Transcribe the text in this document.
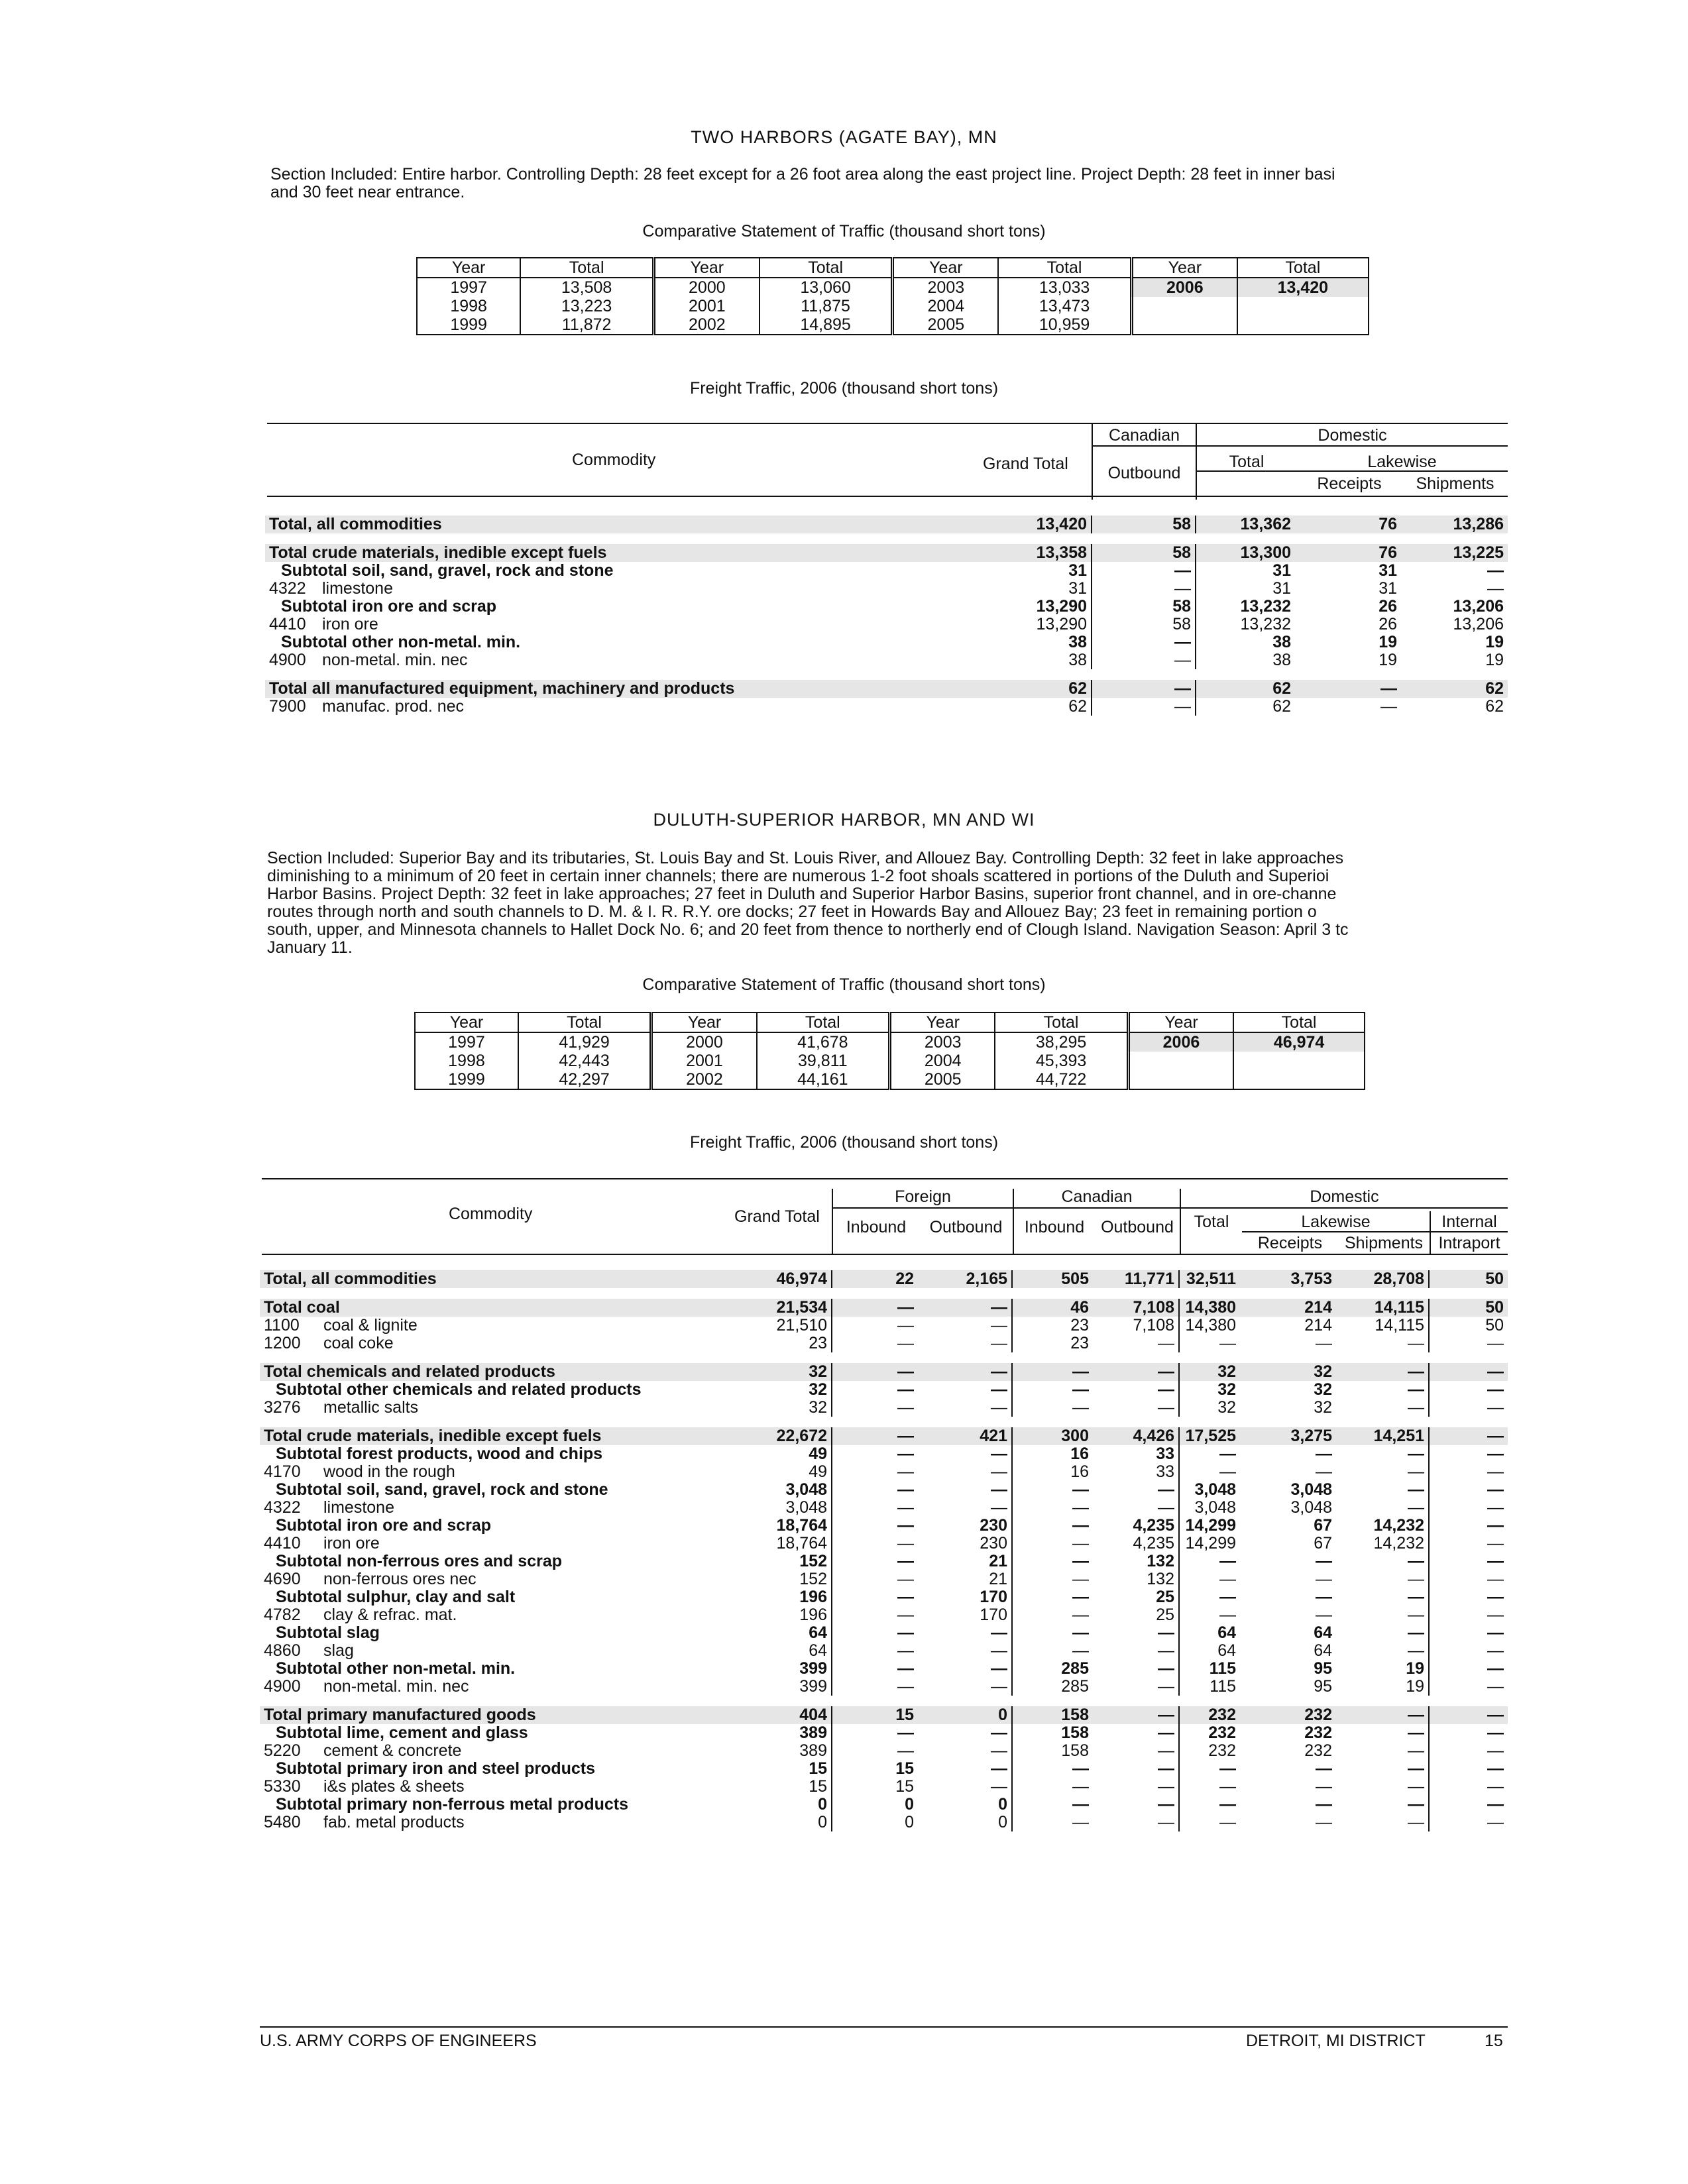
TWO HARBORS (AGATE BAY), MN
Section Included: Entire harbor. Controlling Depth: 28 feet except for a 26 foot area along the east project line. Project Depth: 28 feet in inner basi
and 30 feet near entrance.
Comparative Statement of Traffic (thousand short tons)
Year	Total	Year	Total	Year	Total	Year	Total
1997	13,508	2000	13,060	2003	13,033	2006	13,420
1998	13,223	2001	11,875	2004	13,473		
1999	11,872	2002	14,895	2005	10,959		
Freight Traffic, 2006 (thousand short tons)
Commodity	Grand Total
Canadian
Outbound
Domestic
Total	Lakewise
Receipts	Shipments
Total, all commodities		13,420	58	13,362	76	13,286

Total crude materials, inedible except fuels		13,358	58	13,300	76	13,225
Subtotal soil, sand, gravel, rock and stone		31	—	31	31	—
4322	limestone	31	—	31	31	—
Subtotal iron ore and scrap		13,290	58	13,232	26	13,206
4410	iron ore	13,290	58	13,232	26	13,206
Subtotal other non-metal. min.		38	—	38	19	19
4900	non-metal. min. nec	38	—	38	19	19

Total all manufactured equipment, machinery and products		62	—	62	—	62
7900	manufac. prod. nec	62	—	62	—	62
DULUTH-SUPERIOR HARBOR, MN AND WI
Section Included: Superior Bay and its tributaries, St. Louis Bay and St. Louis River, and Allouez Bay. Controlling Depth: 32 feet in lake approaches
diminishing to a minimum of 20 feet in certain inner channels; there are numerous 1-2 foot shoals scattered in portions of the Duluth and Superioi
Harbor Basins. Project Depth: 32 feet in lake approaches; 27 feet in Duluth and Superior Harbor Basins, superior front channel, and in ore-channe
routes through north and south channels to D. M. & I. R. R.Y. ore docks; 27 feet in Howards Bay and Allouez Bay; 23 feet in remaining portion o
south, upper, and Minnesota channels to Hallet Dock No. 6; and 20 feet from thence to northerly end of Clough Island. Navigation Season: April 3 tc
January 11.
Comparative Statement of Traffic (thousand short tons)
Year	Total	Year	Total	Year	Total	Year	Total
1997	41,929	2000	41,678	2003	38,295	2006	46,974
1998	42,443	2001	39,811	2004	45,393		
1999	42,297	2002	44,161	2005	44,722		
Freight Traffic, 2006 (thousand short tons)
Commodity	Grand Total
Foreign	Canadian	Domestic
Inbound	Outbound	Inbound Outbound	Total	Lakewise	Internal
Receipts	Shipments Intraport
Total, all commodities		46,974	22	2,165	505	11,771	32,511	3,753	28,708	50

Total coal		21,534	—	—	46	7,108	14,380	214	14,115	50
1100	coal & lignite	21,510	—	—	23	7,108	14,380	214	14,115	50
1200	coal coke	23	—	—	23	—	—	—	—	—

Total chemicals and related products		32	—	—	—	—	32	32	—	—
Subtotal other chemicals and related products		32	—	—	—	—	32	32	—	—
3276	metallic salts	32	—	—	—	—	32	32	—	—

Total crude materials, inedible except fuels		22,672	—	421	300	4,426	17,525	3,275	14,251	—
Subtotal forest products, wood and chips		49	—	—	16	33	—	—	—	—
4170	wood in the rough	49	—	—	16	33	—	—	—	—
Subtotal soil, sand, gravel, rock and stone		3,048	—	—	—	—	3,048	3,048	—	—
4322	limestone	3,048	—	—	—	—	3,048	3,048	—	—
Subtotal iron ore and scrap		18,764	—	230	—	4,235	14,299	67	14,232	—
4410	iron ore	18,764	—	230	—	4,235	14,299	67	14,232	—
Subtotal non-ferrous ores and scrap		152	—	21	—	132	—	—	—	—
4690	non-ferrous ores nec	152	—	21	—	132	—	—	—	—
Subtotal sulphur, clay and salt		196	—	170	—	25	—	—	—	—
4782	clay & refrac. mat.	196	—	170	—	25	—	—	—	—
Subtotal slag		64	—	—	—	—	64	64	—	—
4860	slag	64	—	—	—	—	64	64	—	—
Subtotal other non-metal. min.		399	—	—	285	—	115	95	19	—
4900	non-metal. min. nec	399	—	—	285	—	115	95	19	—

Total primary manufactured goods		404	15	0	158	—	232	232	—	—
Subtotal lime, cement and glass		389	—	—	158	—	232	232	—	—
5220	cement & concrete	389	—	—	158	—	232	232	—	—
Subtotal primary iron and steel products		15	15	—	—	—	—	—	—	—
5330	i&s plates & sheets	15	15	—	—	—	—	—	—	—
Subtotal primary non-ferrous metal products		0	0	0	—	—	—	—	—	—
5480	fab. metal products	0	0	0	—	—	—	—	—	—
U.S. ARMY CORPS OF ENGINEERS	DETROIT, MI DISTRICT	15
